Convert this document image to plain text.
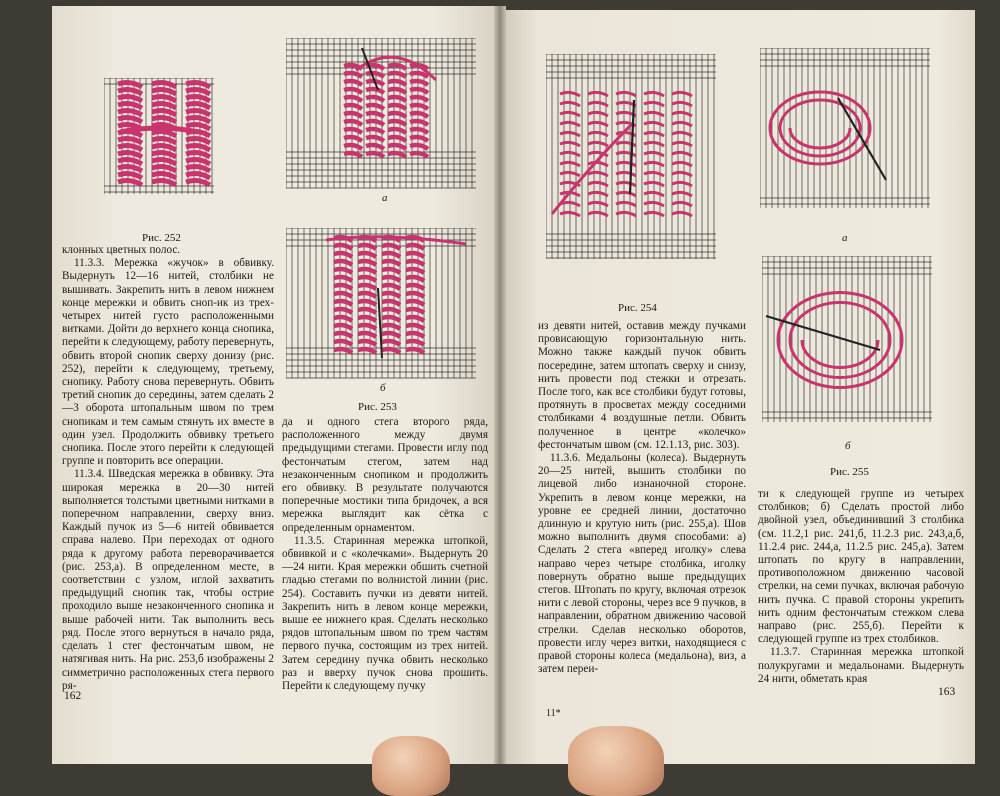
Рис. 252
а
б
Рис. 253

клонных цветных полос.

11.3.3. Мережка «жучок» в обвивку. Выдернуть 12—16 нитей, столбики не вышивать. Закрепить нить в левом нижнем конце мережки и обвить сноп-ик из трех-четырех нитей густо расположенными витками. Дойти до верхнего конца снопика, перейти к следующему, работу перевернуть, обвить второй снопик сверху донизу (рис. 252), перейти к следующему, третьему, снопику. Работу снова перевернуть. Обвить третий снопик до середины, затем сделать 2—3 оборота штопальным швом по трем снопикам и тем самым стянуть их вместе в один узел. Продолжить обвивку третьего снопика. После этого перейти к следующей группе и повторить все операции.

11.3.4. Шведская мережка в обвивку. Эта широкая мережка в 20—30 нитей выполняется толстыми цветными нитками в поперечном направлении, сверху вниз. Каждый пучок из 5—6 нитей обвивается справа налево. При переходах от одного ряда к другому работа переворачивается (рис. 253,а). В определенном месте, в соответствии с узлом, иглой захватить предыдущий снопик так, чтобы острие проходило выше незаконченного снопика и выше рабочей нити. Так выполнить весь ряд. После этого вернуться в начало ряда, сделать 1 стег фестончатым швом, не натягивая нить. На рис. 253,б изображены 2 симметрично расположенных стега первого ря-

да и одного стега второго ряда, расположенного между двумя предыдущими стегами. Провести иглу под фестончатым стегом, затем над незаконченным снопиком и продолжить его обвивку. В результате получаются поперечные мостики типа бридочек, а вся мережка выглядит как сётка с определенным орнаментом.

11.3.5. Старинная мережка штопкой, обвивкой и с «колечками». Выдернуть 20—24 нити. Края мережки обшить счетной гладью стегами по волнистой линии (рис. 254). Составить пучки из девяти нитей. Закрепить нить в левом конце мережки, выше ее нижнего края. Сделать несколько рядов штопальным швом по трем частям первого пучка, состоящим из трех нитей. Затем середину пучка обвить несколько раз и вверху пучок снова прошить. Перейти к следующему пучку

162
Рис. 254
а
б
Рис. 255

из девяти нитей, оставив между пучками провисающую горизонтальную нить. Можно также каждый пучок обвить посередине, затем штопать сверху и снизу, нить провести под стежки и отрезать. После того, как все столбики будут готовы, протянуть в просветах между соседними столбиками 4 воздушные петли. Обвить полученное в центре «колечко» фестончатым швом (см. 12.1.13, рис. 303).

11.3.6. Медальоны (колеса). Выдернуть 20—25 нитей, вышить столбики по лицевой либо изнаночной стороне. Укрепить в левом конце мережки, на уровне ее средней линии, достаточно длинную и крутую нить (рис. 255,а). Шов можно выполнить двумя способами: а) Сделать 2 стега «вперед иголку» слева направо через четыре столбика, иголку повернуть обратно выше предыдущих стегов. Штопать по кругу, включая отрезок нити с левой стороны, через все 9 пучков, в направлении, обратном движению часовой стрелки. Сделав несколько оборотов, провести иглу через витки, находящиеся с правой стороны колеса (медальона), виз, а затем переи-

ти к следующей группе из четырех столбиков; б) Сделать простой либо двойной узел, объединивший 3 столбика (см. 11.2,1 рис. 241,б, 11.2.3 рис. 243,а,б, 11.2.4 рис. 244,а, 11.2.5 рис. 245,а). Затем штопать по кругу в направлении, противоположном движению часовой стрелки, на семи пучках, включая рабочую нить пучка. С правой стороны укрепить нить одним фестончатым стежком слева направо (рис. 255,б). Перейти к следующей группе из трех столбиков.

11.3.7. Старинная мережка штопкой полукругами и медальонами. Выдернуть 24 нити, обметать края

11*
163
